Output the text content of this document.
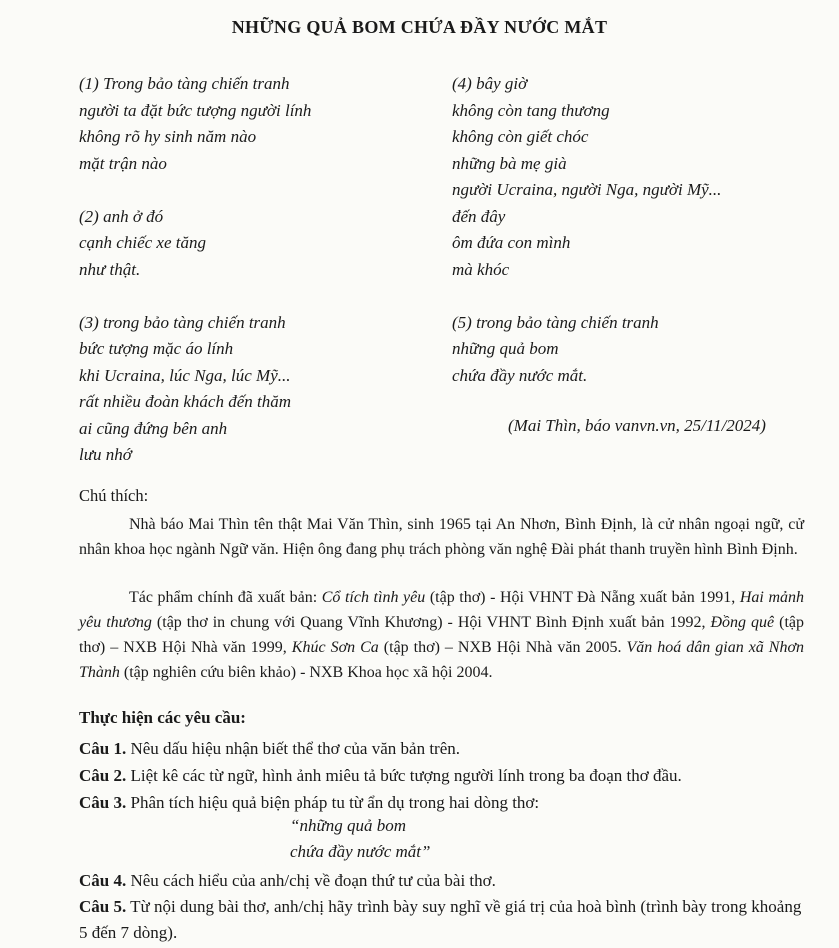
NHỮNG QUẢ BOM CHỨA ĐẦY NƯỚC MẮT
(1) Trong bảo tàng chiến tranh
người ta đặt bức tượng người lính
không rõ hy sinh năm nào
mặt trận nào
(2) anh ở đó
cạnh chiếc xe tăng
như thật.
(3) trong bảo tàng chiến tranh
bức tượng mặc áo lính
khi Ucraina, lúc Nga, lúc Mỹ...
rất nhiều đoàn khách đến thăm
ai cũng đứng bên anh
lưu nhớ
(4) bây giờ
không còn tang thương
không còn giết chóc
những bà mẹ già
người Ucraina, người Nga, người Mỹ...
đến đây
ôm đứa con mình
mà khóc
(5) trong bảo tàng chiến tranh
những quả bom
chứa đầy nước mắt.
(Mai Thìn, báo vanvn.vn, 25/11/2024)
Chú thích:
Nhà báo Mai Thìn tên thật Mai Văn Thìn, sinh 1965 tại An Nhơn, Bình Định, là cử nhân ngoại ngữ, cử nhân khoa học ngành Ngữ văn. Hiện ông đang phụ trách phòng văn nghệ Đài phát thanh truyền hình Bình Định.
Tác phẩm chính đã xuất bản: Cổ tích tình yêu (tập thơ) - Hội VHNT Đà Nẵng xuất bản 1991, Hai mảnh yêu thương (tập thơ in chung với Quang Vĩnh Khương) - Hội VHNT Bình Định xuất bản 1992, Đồng quê (tập thơ) – NXB Hội Nhà văn 1999, Khúc Sơn Ca (tập thơ) – NXB Hội Nhà văn 2005. Văn hoá dân gian xã Nhơn Thành (tập nghiên cứu biên khảo) - NXB Khoa học xã hội 2004.
Thực hiện các yêu cầu:
Câu 1. Nêu dấu hiệu nhận biết thể thơ của văn bản trên.
Câu 2. Liệt kê các từ ngữ, hình ảnh miêu tả bức tượng người lính trong ba đoạn thơ đầu.
Câu 3. Phân tích hiệu quả biện pháp tu từ ẩn dụ trong hai dòng thơ:
“những quả bom
chứa đầy nước mắt”
Câu 4. Nêu cách hiểu của anh/chị về đoạn thứ tư của bài thơ.
Câu 5. Từ nội dung bài thơ, anh/chị hãy trình bày suy nghĩ về giá trị của hoà bình (trình bày trong khoảng 5 đến 7 dòng).
